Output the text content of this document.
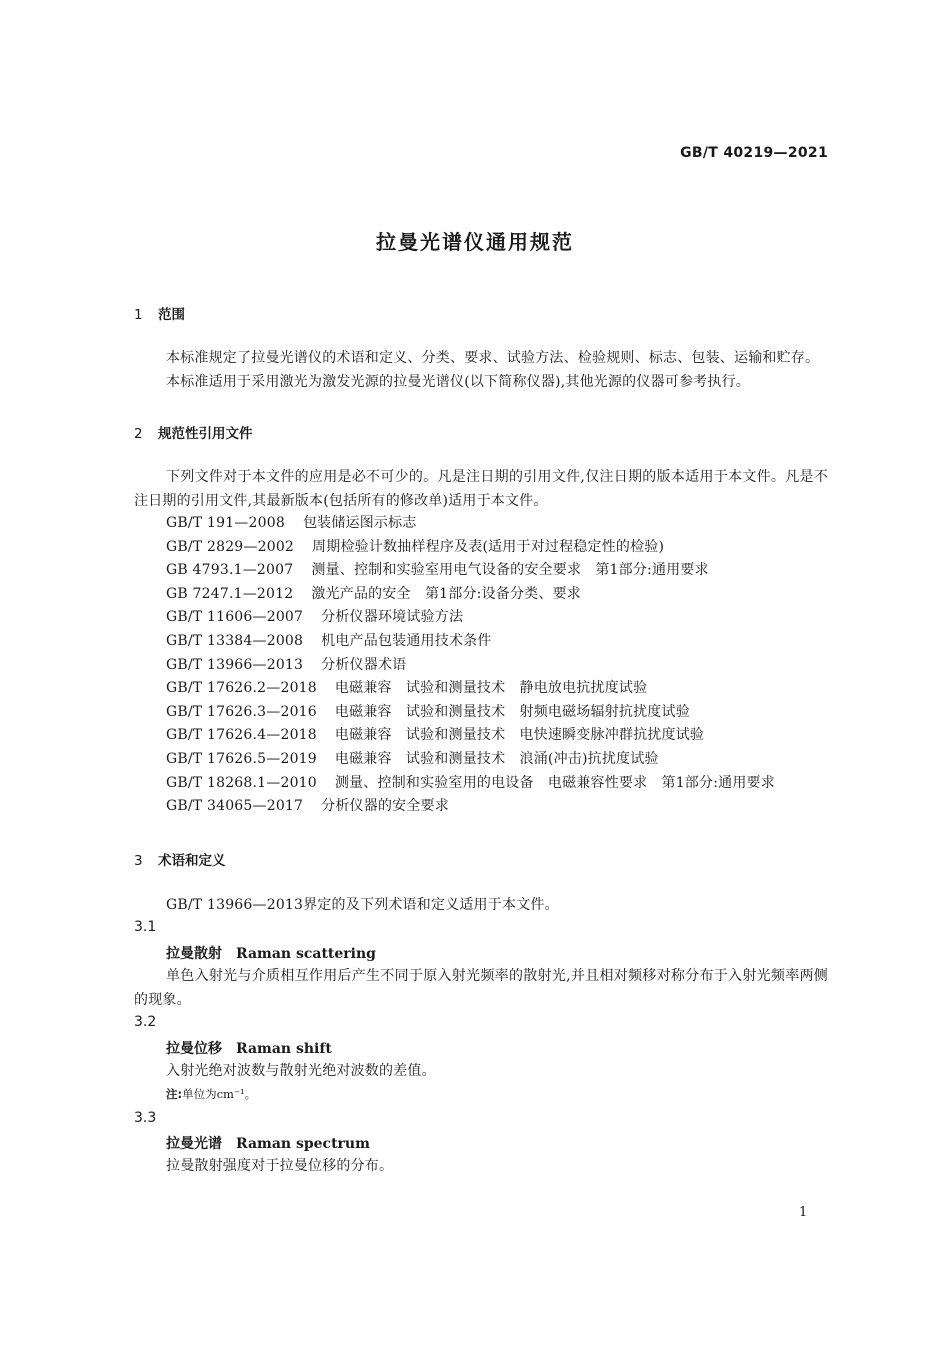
GB/T 40219—2021
拉曼光谱仪通用规范
1 范围
本标准规定了拉曼光谱仪的术语和定义、分类、要求、试验方法、检验规则、标志、包装、运输和贮存。
本标准适用于采用激光为激发光源的拉曼光谱仪(以下简称仪器),其他光源的仪器可参考执行。
2 规范性引用文件
下列文件对于本文件的应用是必不可少的。凡是注日期的引用文件,仅注日期的版本适用于本文件。凡是不注日期的引用文件,其最新版本(包括所有的修改单)适用于本文件。
GB/T 191—2008 包装储运图示标志
GB/T 2829—2002 周期检验计数抽样程序及表(适用于对过程稳定性的检验)
GB 4793.1—2007 测量、控制和实验室用电气设备的安全要求　第1部分:通用要求
GB 7247.1—2012 激光产品的安全　第1部分:设备分类、要求
GB/T 11606—2007 分析仪器环境试验方法
GB/T 13384—2008 机电产品包装通用技术条件
GB/T 13966—2013 分析仪器术语
GB/T 17626.2—2018 电磁兼容　试验和测量技术　静电放电抗扰度试验
GB/T 17626.3—2016 电磁兼容　试验和测量技术　射频电磁场辐射抗扰度试验
GB/T 17626.4—2018 电磁兼容　试验和测量技术　电快速瞬变脉冲群抗扰度试验
GB/T 17626.5—2019 电磁兼容　试验和测量技术　浪涌(冲击)抗扰度试验
GB/T 18268.1—2010 测量、控制和实验室用的电设备　电磁兼容性要求　第1部分:通用要求
GB/T 34065—2017 分析仪器的安全要求
3 术语和定义
GB/T 13966—2013界定的及下列术语和定义适用于本文件。
3.1
拉曼散射 Raman scattering
单色入射光与介质相互作用后产生不同于原入射光频率的散射光,并且相对频移对称分布于入射光频率两侧的现象。
3.2
拉曼位移 Raman shift
入射光绝对波数与散射光绝对波数的差值。
注:单位为cm⁻¹。
3.3
拉曼光谱 Raman spectrum
拉曼散射强度对于拉曼位移的分布。
1
